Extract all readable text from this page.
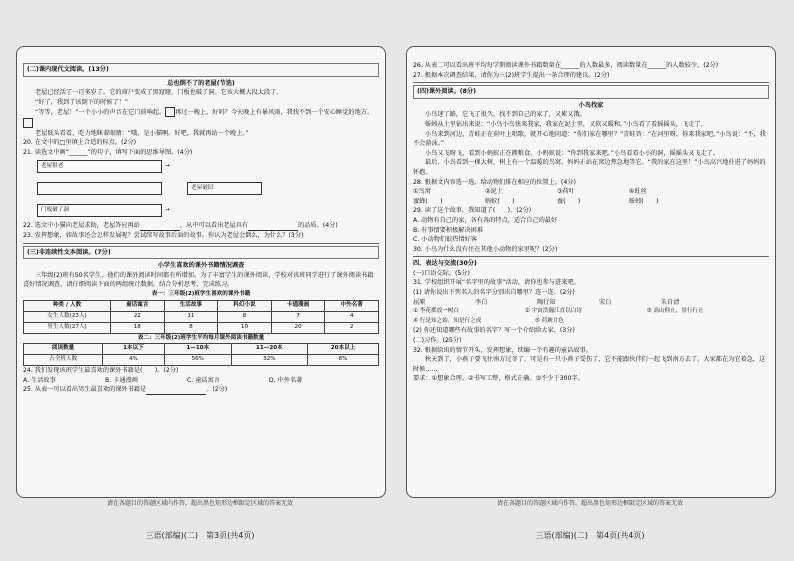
(二)课内现代文阅读。(13分)
总也倒不了的老屋(节选)
老屋已经活了一百多岁了。它的窗户变成了黑窟窿，门板也破了洞。它该大概大段大段了。
“好了，我到了该倒下的时候了！”
“等等，老屋！”一个小小的声音在它门前响起。 再过一晚上，好吗？今天晚上有暴风雨，我找不到一个安心睡觉的地方。
老屋低头看看，吃力地眯着眼睛：“哦，是小猫啊。好吧，我就再站一个晚上。”
20. 在文中的□里填上合适的标点。(2分)
21. 读选文中画“______”的句子，填写下面的思维导图。(4分)
老屋很老
门板破了洞
→
→
老屋破旧
22. 选文中小猫向老屋求助，老屋答应再站	，从中可以看出老屋具有	的品质。(4分)
23. 发挥想象，如故事还会怎样发展呢？尝试续写故事后面的故事。你认为老屋会倒么，为什么？(3分)
(三)非连续性文本阅读。(7分)
小学生喜欢的课外书籍情况调查
三年级(2)班有50名学生，他们的课外阅读时间都有所增加。为了丰富学生的课外阅读，学校对该班同学进行了课外阅读书籍喜好情况调查，请仔细阅读下面的两组统计数据，结合分析思考，完成练习。
表一：三年级(2)班学生喜欢的课外书籍
种类 / 人数	童话寓言	生活故事	科幻小说	卡通漫画	中外名著
女生人数(23人)	22	11	8	7	4
男生人数(27人)	18	8	10	20	2
表二：三年级(2)班学生平均每月课外阅读书籍数量
阅读数量	1本以下	1—10本	11—20本	20本以上
占全班人数	4%	56%	32%	8%
24. 我们发现该班学生最喜欢的课外书籍是(　　)。(2分)
A. 生活故事	B. 卡通漫画	C. 童话寓言	D. 中外名著
25. 从表一可以看出男生最喜欢的课外书籍是	。(2分)
26. 从表二可以看出班平均每学期阅读课外书籍数量在______的人数最多，阅读数量在______的人数较少。(2分)
27. 根据本次调查结果，请你为三(2)班学生提出一条合理的建议。(2分)
(四)课外阅读。(8分)
小鸟找家
小鸟迷了路，它飞了很久，找不到自己的家了，又累又饿。
蚯蚓从土里钻出来说：“小鸟小鸟快来我家，我家在泥土里，又软又暖和。”小鸟看了看摇摇头，飞走了。
小鸟来到河边，青蛙正在荷叶上唱歌，就开心地问道：“你们家在哪里？”青蛙答：“在河里呀，你来我家吧。”小鸟说：“不，我不会游泳。”
小鸟又飞呀飞，看到小蚂蚁正在搬粮食，小蚂蚁说：“你到我家来吧。”小鸟看看小小的洞，摇摇头又飞走了。
最后，小鸟看到一棵大树，树上有一个温暖的鸟窝，妈妈正站在窝边焦急地等它。“我的家在这里！”小鸟高兴地扑进了妈妈的怀抱。
28. 根据文内容选一选，给动物们排在相应的位置上。(4分)
①鸟窝	②泥土	③荷叶	④蛀丝
蜜蜂(　　)	蚂蚁(　　)	蚕(　　)	蚯蚓(　　)
29. 读了这个故事，我知道了(　　)。(2分)
A. 动物有自己的家，各有各的特点，适合自己的最好
B. 有事情要积极解决困难
C. 小动物们很热情好客
30. 小鸟为什么没有住在其他小动物的家里呢？(2分)
四、表达与交流(30分)
(一)口语交际。(5分)
31. 学校组织开展“名字里的故事”活动，请你也参与进来吧。
(1) 请你说出下列名人的名字分别出自哪里？连一连。(2分)
屈原	李白	陶行知	宋白	朱自清
① 李花都放一树白	② 宇宙浩瀚江直以白诗	③ 高山仰止，景行行止 ④ 行是知之始，知是行之成	⑤ 荷塘月色
(2) 你还知道哪些有故事的名字？写一个介绍给大家。(3分)
(二)习作。(25分)
32. 根据给出的情节开头，发挥想象，续编一个有趣的童话故事。
秋天到了，小燕子要飞往南方过冬了，可是有一只小燕子受伤了，它不能跟伙伴们一起飞到南方去了。大家都在为它着急，这时候……
要求：①想象合理。②书写工整，格式正确。③不少于300字。
请在各题目的答题区域内作答，超出黑色矩形边框限定区域的答案无效	请在各题目的答题区域内作答，超出黑色矩形边框限定区域的答案无效
三语(部编)(二)　第3页(共4页)	三语(部编)(二)　第4页(共4页)
